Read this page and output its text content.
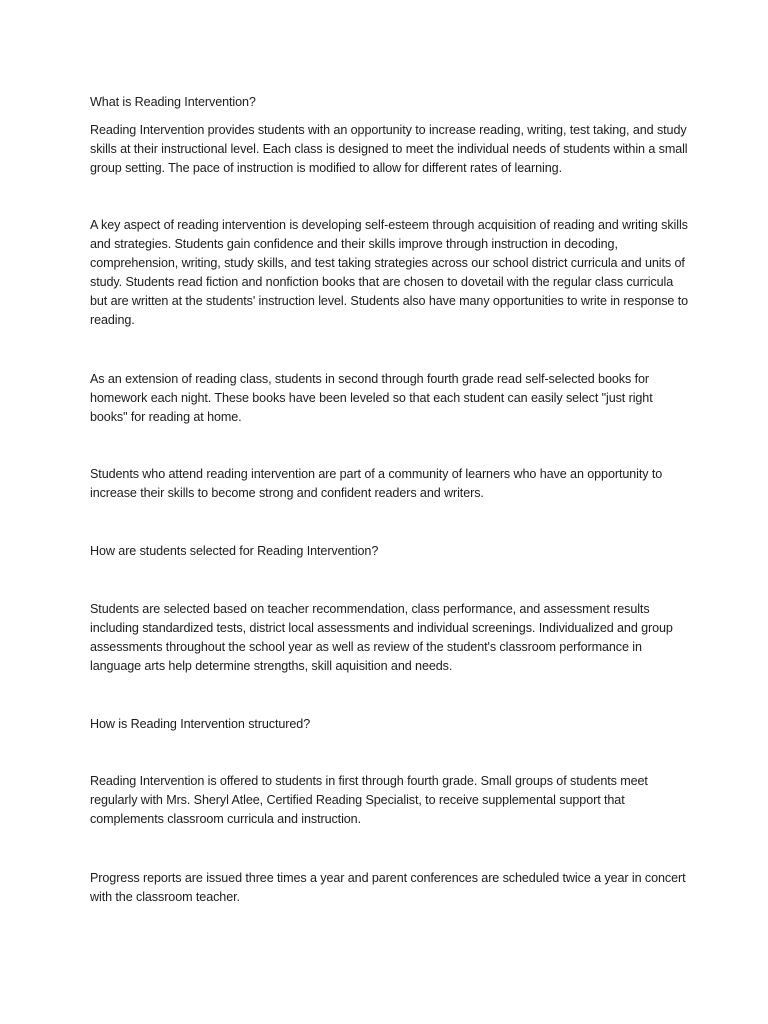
What is Reading Intervention?

Reading Intervention provides students with an opportunity to increase reading, writing, test taking, and study skills at their instructional level. Each class is designed to meet the individual needs of students within a small group setting. The pace of instruction is modified to allow for different rates of learning.

A key aspect of reading intervention is developing self-esteem through acquisition of reading and writing skills and strategies. Students gain confidence and their skills improve through instruction in decoding, comprehension, writing, study skills, and test taking strategies across our school district curricula and units of study. Students read fiction and nonfiction books that are chosen to dovetail with the regular class curricula but are written at the students' instruction level. Students also have many opportunities to write in response to reading.

As an extension of reading class, students in second through fourth grade read self-selected books for homework each night. These books have been leveled so that each student can easily select "just right books" for reading at home.

Students who attend reading intervention are part of a community of learners who have an opportunity to increase their skills to become strong and confident readers and writers.

How are students selected for Reading Intervention?

Students are selected based on teacher recommendation, class performance, and assessment results including standardized tests, district local assessments and individual screenings. Individualized and group assessments throughout the school year as well as review of the student's classroom performance in language arts help determine strengths, skill aquisition and needs.

How is Reading Intervention structured?

Reading Intervention is offered to students in first through fourth grade. Small groups of students meet regularly with Mrs. Sheryl Atlee, Certified Reading Specialist, to receive supplemental support that complements classroom curricula and instruction.

Progress reports are issued three times a year and parent conferences are scheduled twice a year in concert with the classroom teacher.
